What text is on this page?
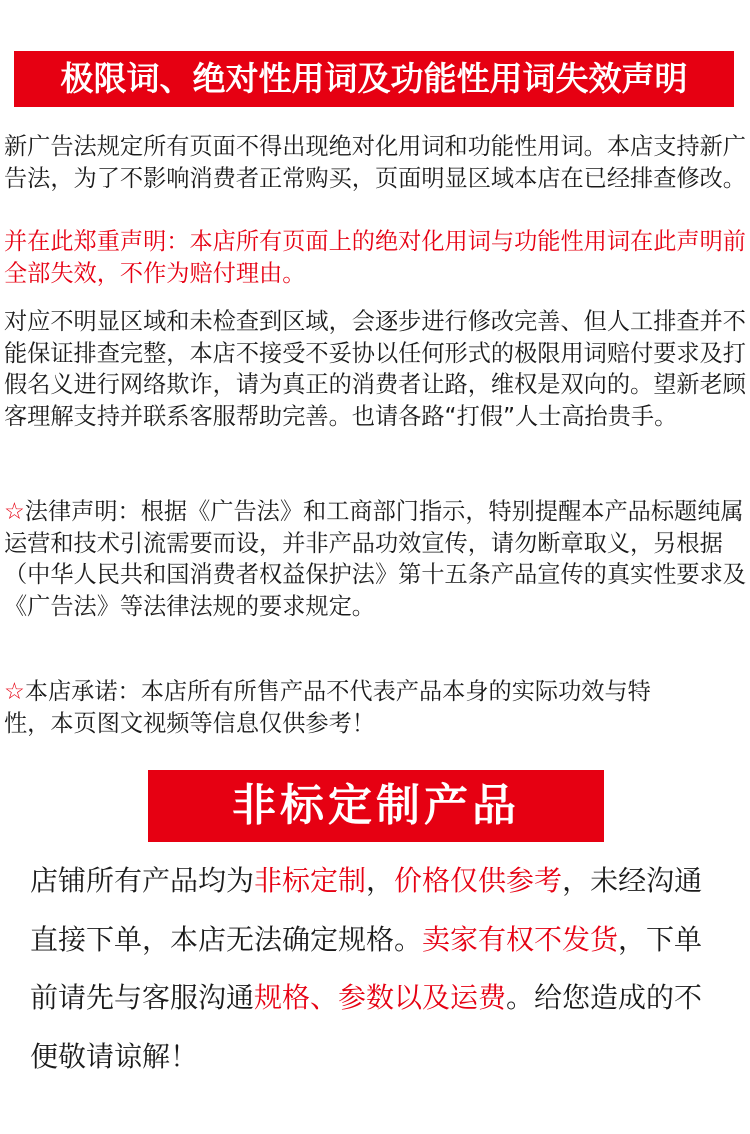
极限词、绝对性用词及功能性用词失效声明

新广告法规定所有页面不得出现绝对化用词和功能性用词。本店支持新广告法，为了不影响消费者正常购买，页面明显区域本店在已经排查修改。

并在此郑重声明：本店所有页面上的绝对化用词与功能性用词在此声明前全部失效，不作为赔付理由。

对应不明显区域和未检查到区域，会逐步进行修改完善、但人工排查并不能保证排查完整，本店不接受不妥协以任何形式的极限用词赔付要求及打假名义进行网络欺诈，请为真正的消费者让路，维权是双向的。望新老顾客理解支持并联系客服帮助完善。也请各路“打假”人士高抬贵手。

☆法律声明：根据《广告法》和工商部门指示，特别提醒本产品标题纯属运营和技术引流需要而设，并非产品功效宣传，请勿断章取义，另根据（中华人民共和国消费者权益保护法》第十五条产品宣传的真实性要求及《广告法》等法律法规的要求规定。

☆本店承诺：本店所有所售产品不代表产品本身的实际功效与特
性，本页图文视频等信息仅供参考！

非标定制产品

店铺所有产品均为非标定制，价格仅供参考，未经沟通直接下单，本店无法确定规格。卖家有权不发货，下单前请先与客服沟通规格、参数以及运费。给您造成的不便敬请谅解！
